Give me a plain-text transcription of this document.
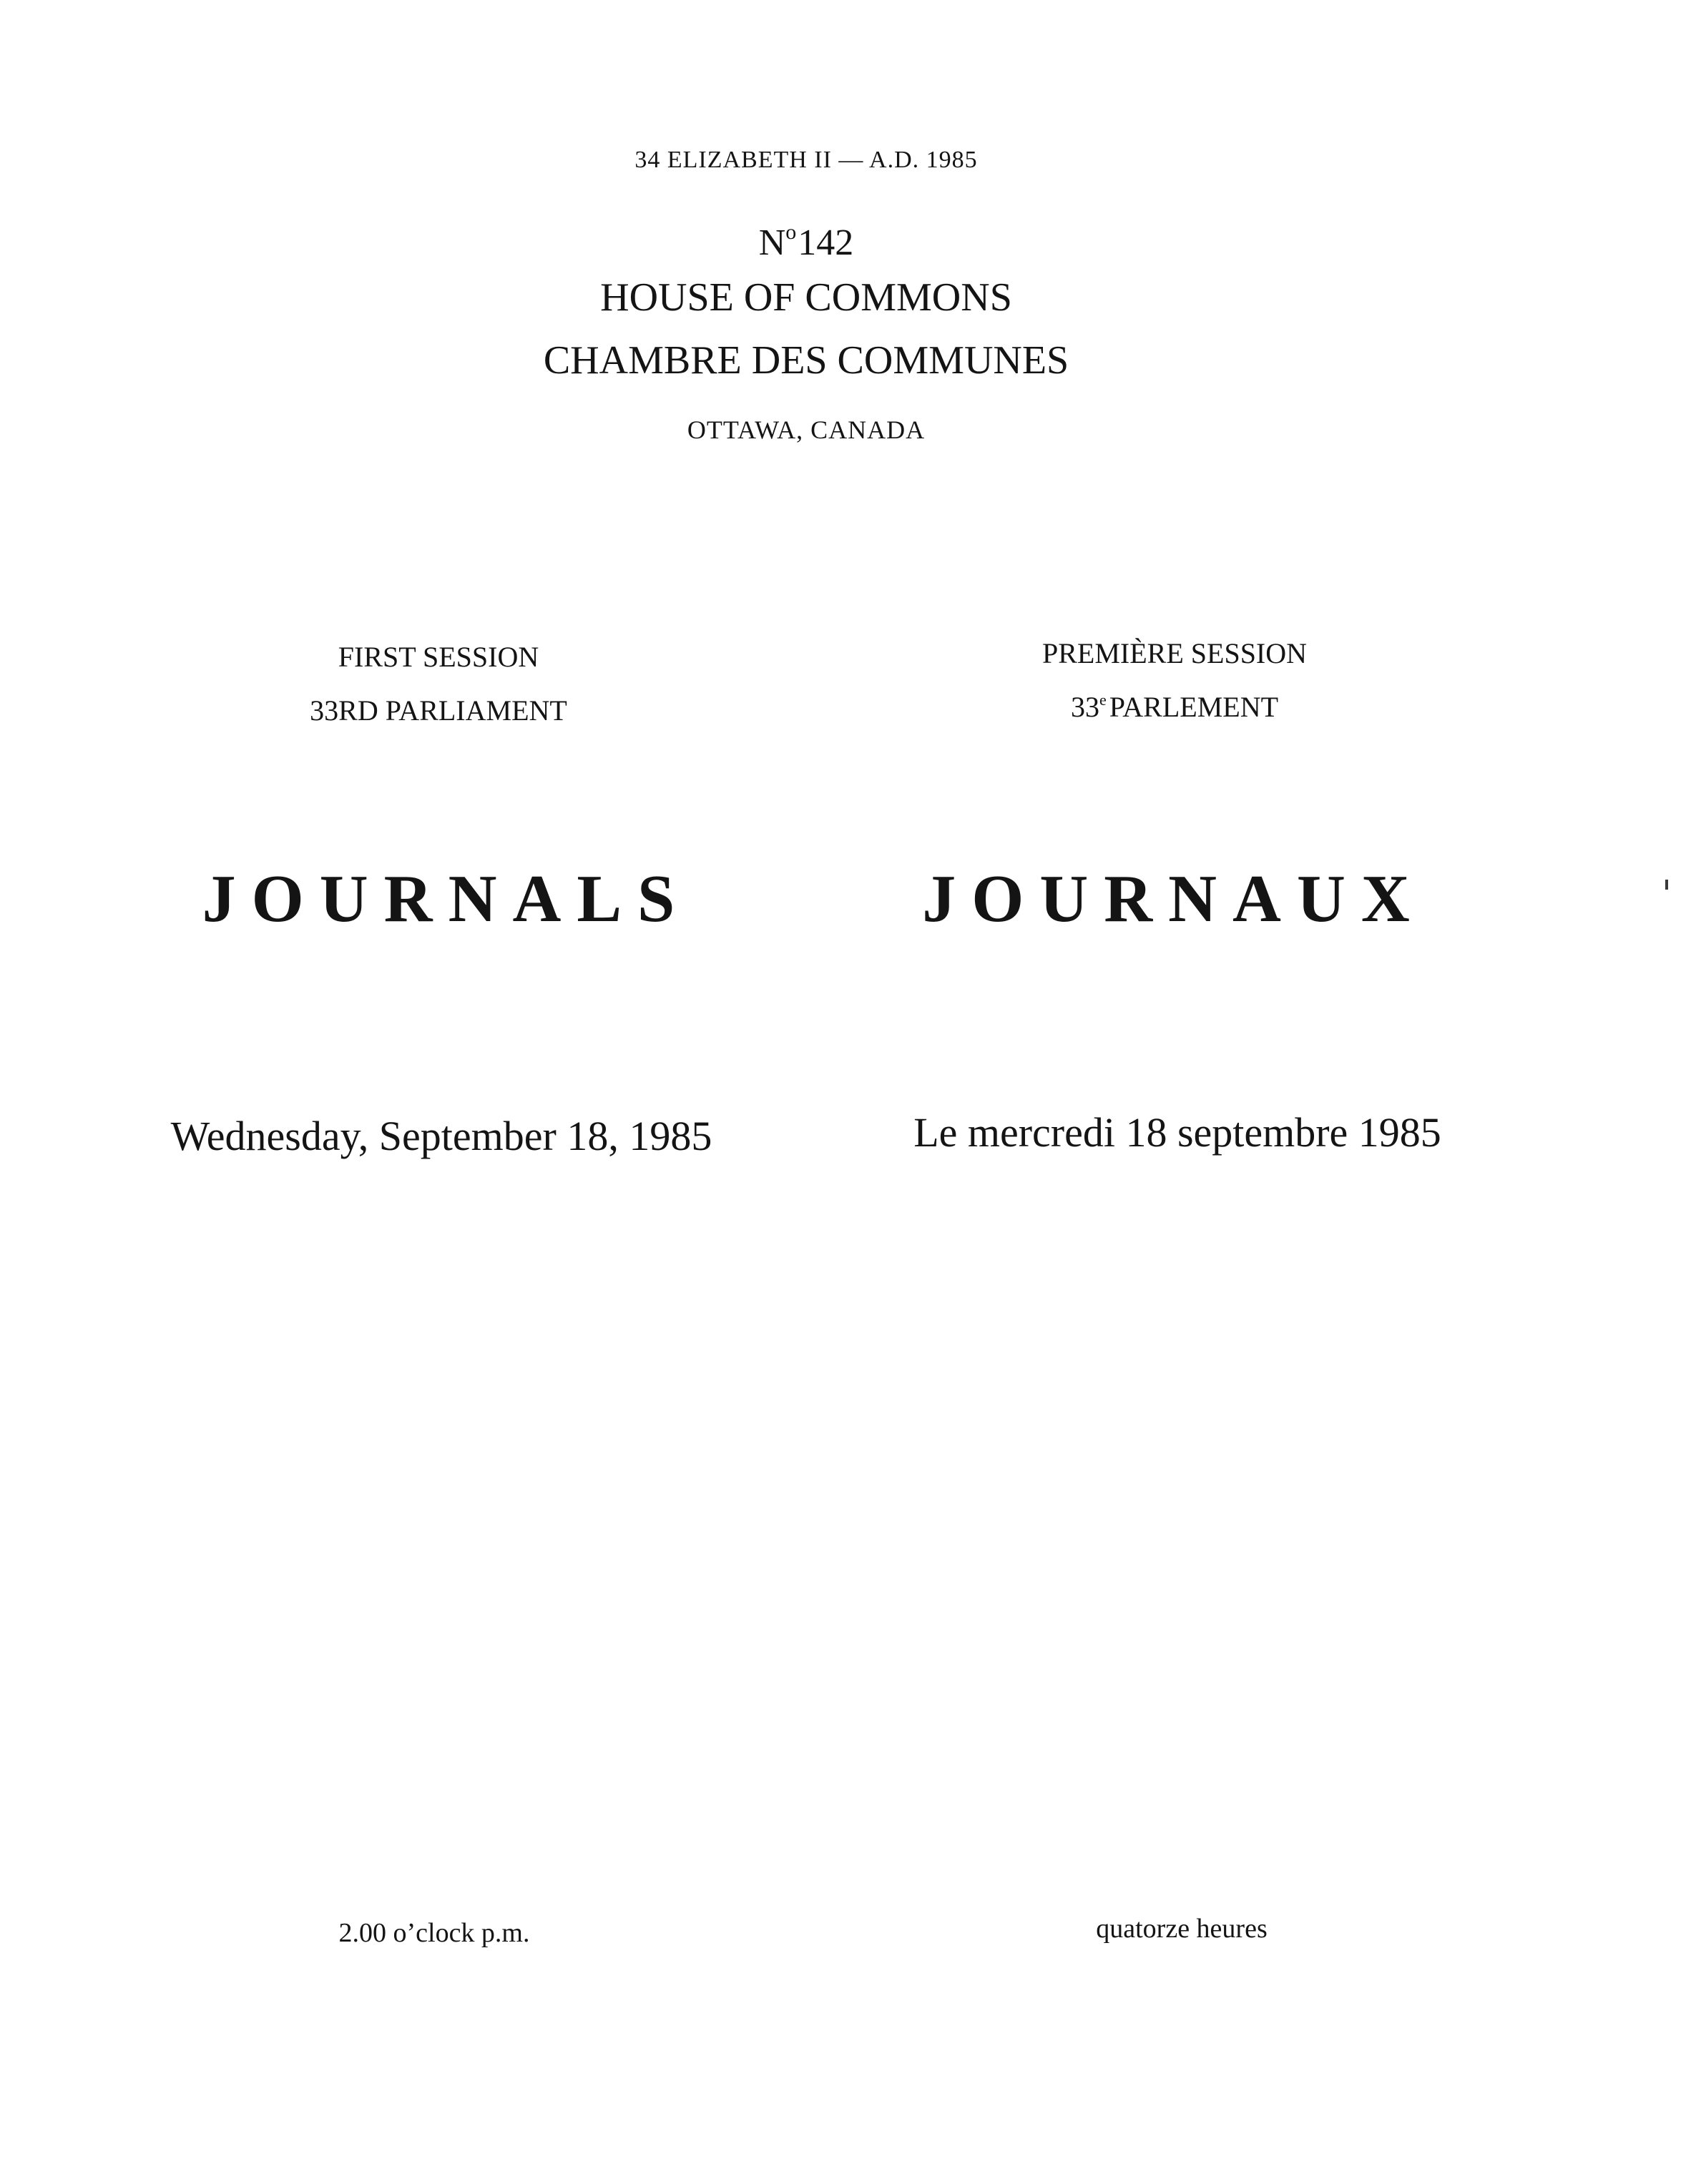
34 ELIZABETH II — A.D. 1985
$N^o142$
HOUSE OF COMMONS
CHAMBRE DES COMMUNES
OTTAWA, CANADA
FIRST SESSION
33RD PARLIAMENT
PREMIÈRE SESSION
33e PARLEMENT
JOURNALS	JOURNAUX
Wednesday, September 18, 1985	Le mercredi 18 septembre 1985
2.00 o’clock p.m.	quatorze heures
